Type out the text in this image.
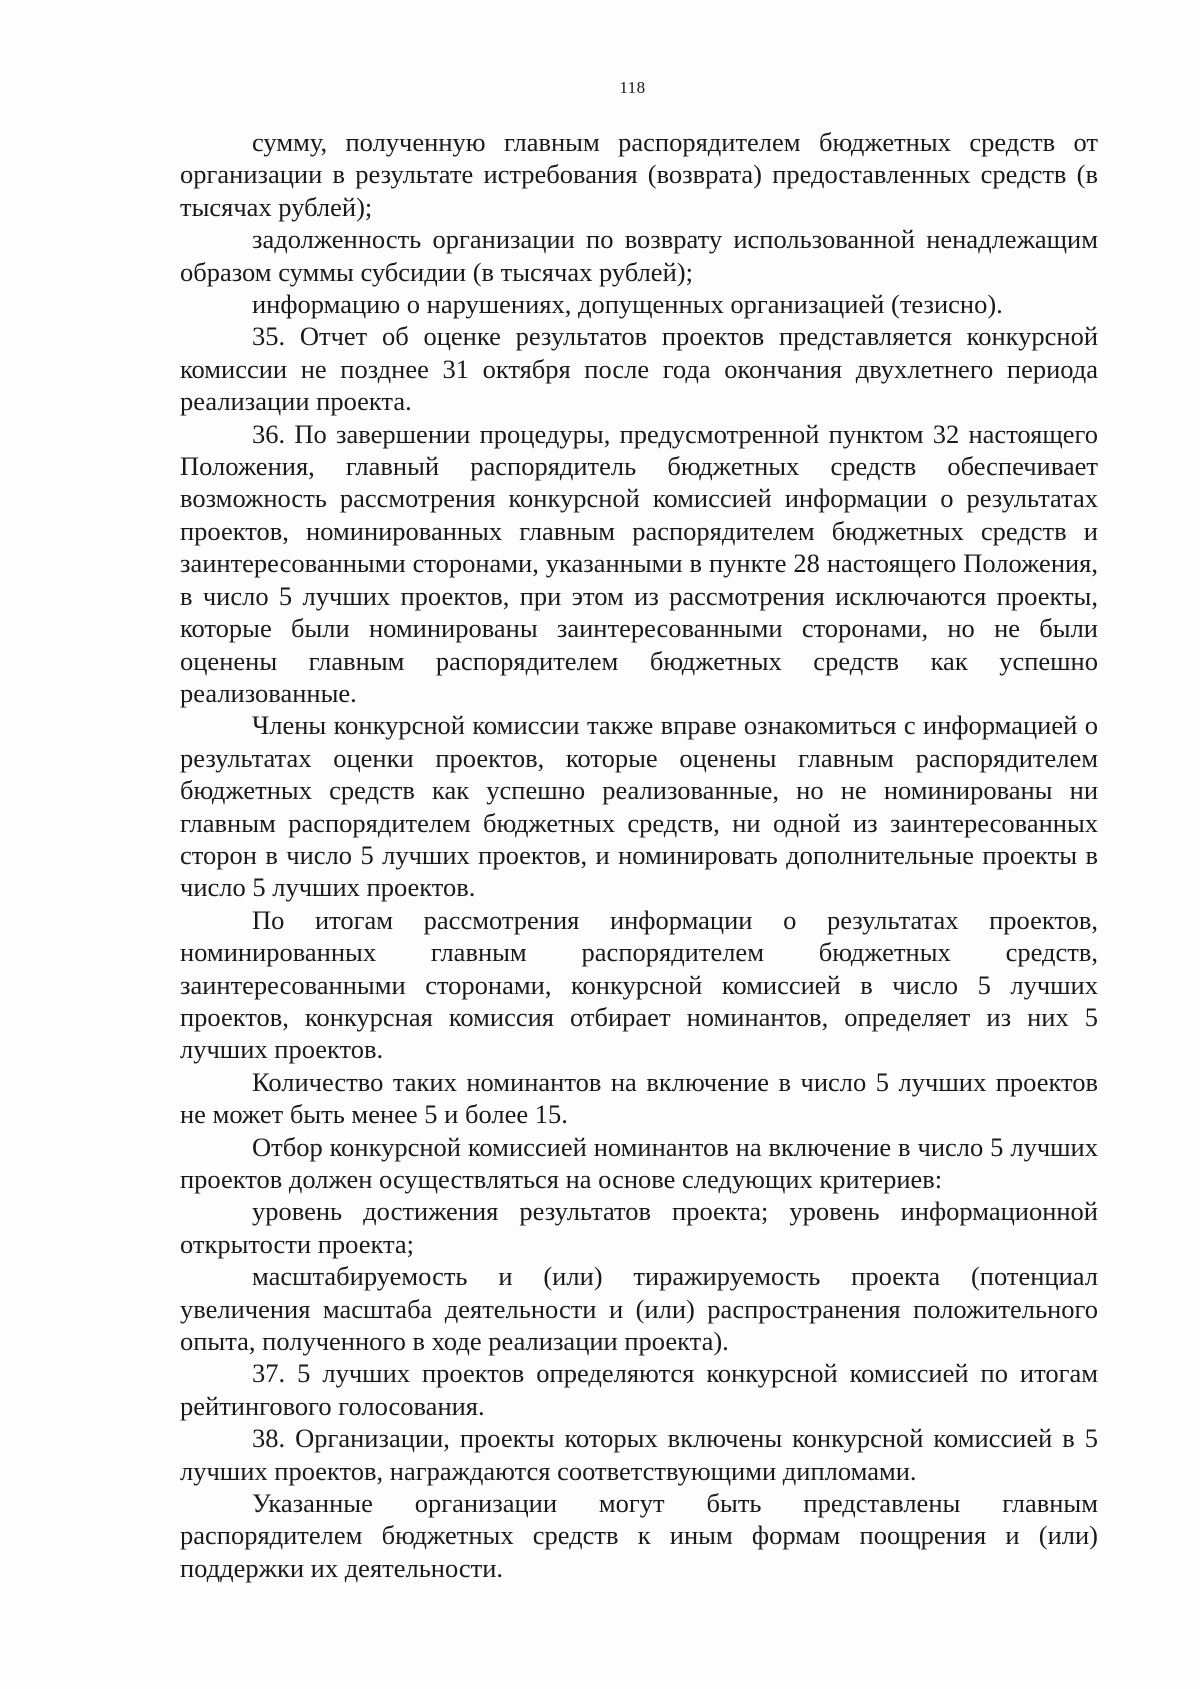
118

сумму, полученную главным распорядителем бюджетных средств от организации в результате истребования (возврата) предоставленных средств (в тысячах рублей);

задолженность организации по возврату использованной ненадлежащим образом суммы субсидии (в тысячах рублей);

информацию о нарушениях, допущенных организацией (тезисно).

35. Отчет об оценке результатов проектов представляется конкурсной комиссии не позднее 31 октября после года окончания двухлетнего периода реализации проекта.

36. По завершении процедуры, предусмотренной пунктом 32 настоящего Положения, главный распорядитель бюджетных средств обеспечивает возможность рассмотрения конкурсной комиссией информации о результатах проектов, номинированных главным распорядителем бюджетных средств и заинтересованными сторонами, указанными в пункте 28 настоящего Положения, в число 5 лучших проектов, при этом из рассмотрения исключаются проекты, которые были номинированы заинтересованными сторонами, но не были оценены главным распорядителем бюджетных средств как успешно реализованные.

Члены конкурсной комиссии также вправе ознакомиться с информацией о результатах оценки проектов, которые оценены главным распорядителем бюджетных средств как успешно реализованные, но не номинированы ни главным распорядителем бюджетных средств, ни одной из заинтересованных сторон в число 5 лучших проектов, и номинировать дополнительные проекты в число 5 лучших проектов.

По итогам рассмотрения информации о результатах проектов, номинированных главным распорядителем бюджетных средств, заинтересованными сторонами, конкурсной комиссией в число 5 лучших проектов, конкурсная комиссия отбирает номинантов, определяет из них 5 лучших проектов.

Количество таких номинантов на включение в число 5 лучших проектов не может быть менее 5 и более 15.

Отбор конкурсной комиссией номинантов на включение в число 5 лучших проектов должен осуществляться на основе следующих критериев:

уровень достижения результатов проекта; уровень информационной открытости проекта;

масштабируемость и (или) тиражируемость проекта (потенциал увеличения масштаба деятельности и (или) распространения положительного опыта, полученного в ходе реализации проекта).

37. 5 лучших проектов определяются конкурсной комиссией по итогам рейтингового голосования.

38. Организации, проекты которых включены конкурсной комиссией в 5 лучших проектов, награждаются соответствующими дипломами.

Указанные организации могут быть представлены главным распорядителем бюджетных средств к иным формам поощрения и (или) поддержки их деятельности.
